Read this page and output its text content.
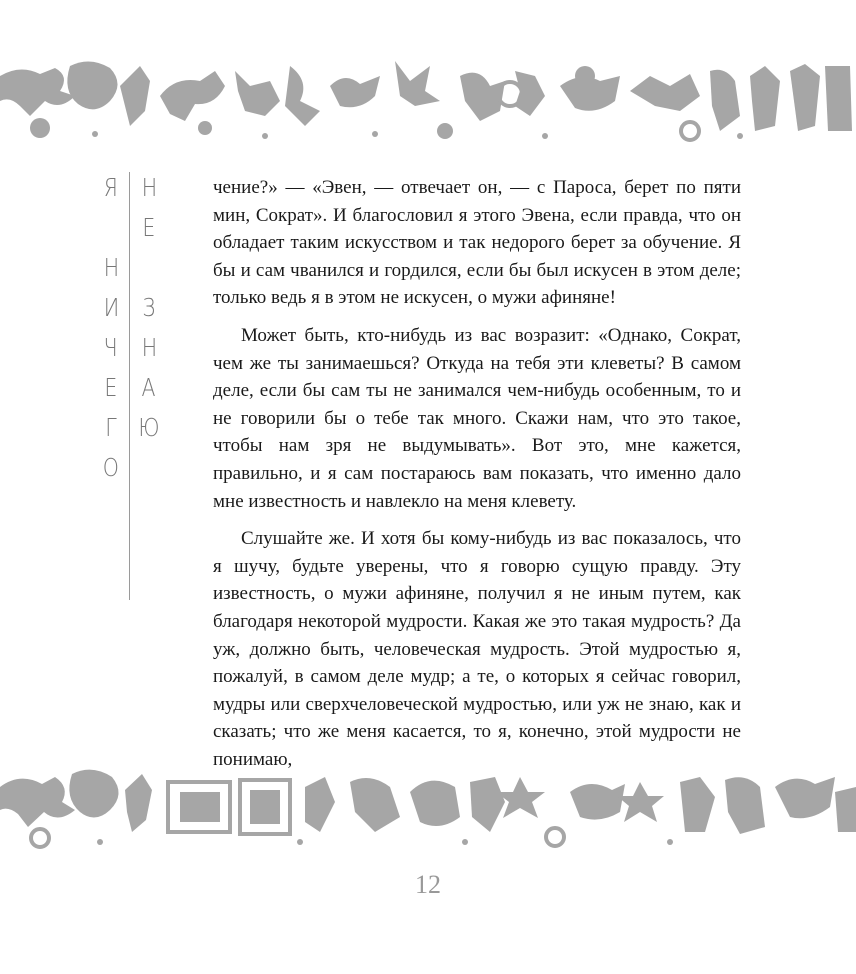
Я
Н
И
Ч
Е
Г
О
Н
Е
З
Н
А
Ю

чение?» — «Эвен, — отвечает он, — с Пароса, берет по пяти мин, Сократ». И благословил я этого Эвена, если правда, что он обладает таким искусством и так недорого берет за обучение. Я бы и сам чванился и гордился, если бы был искусен в этом деле; только ведь я в этом не искусен, о мужи афиняне!

Может быть, кто-нибудь из вас возразит: «Однако, Сократ, чем же ты занимаешься? Откуда на тебя эти клеветы? В самом деле, если бы сам ты не занимался чем-нибудь особенным, то и не говорили бы о тебе так много. Скажи нам, что это такое, чтобы нам зря не выдумывать». Вот это, мне кажется, правильно, и я сам постараюсь вам показать, что именно дало мне известность и навлекло на меня клевету.

Слушайте же. И хотя бы кому-нибудь из вас показалось, что я шучу, будьте уверены, что я говорю сущую правду. Эту известность, о мужи афиняне, получил я не иным путем, как благодаря некоторой мудрости. Какая же это такая мудрость? Да уж, должно быть, человеческая мудрость. Этой мудростью я, пожалуй, в самом деле мудр; а те, о которых я сейчас говорил, мудры или сверхчеловеческой мудростью, или уж не знаю, как и сказать; что же меня касается, то я, конечно, этой мудрости не понимаю,

12
